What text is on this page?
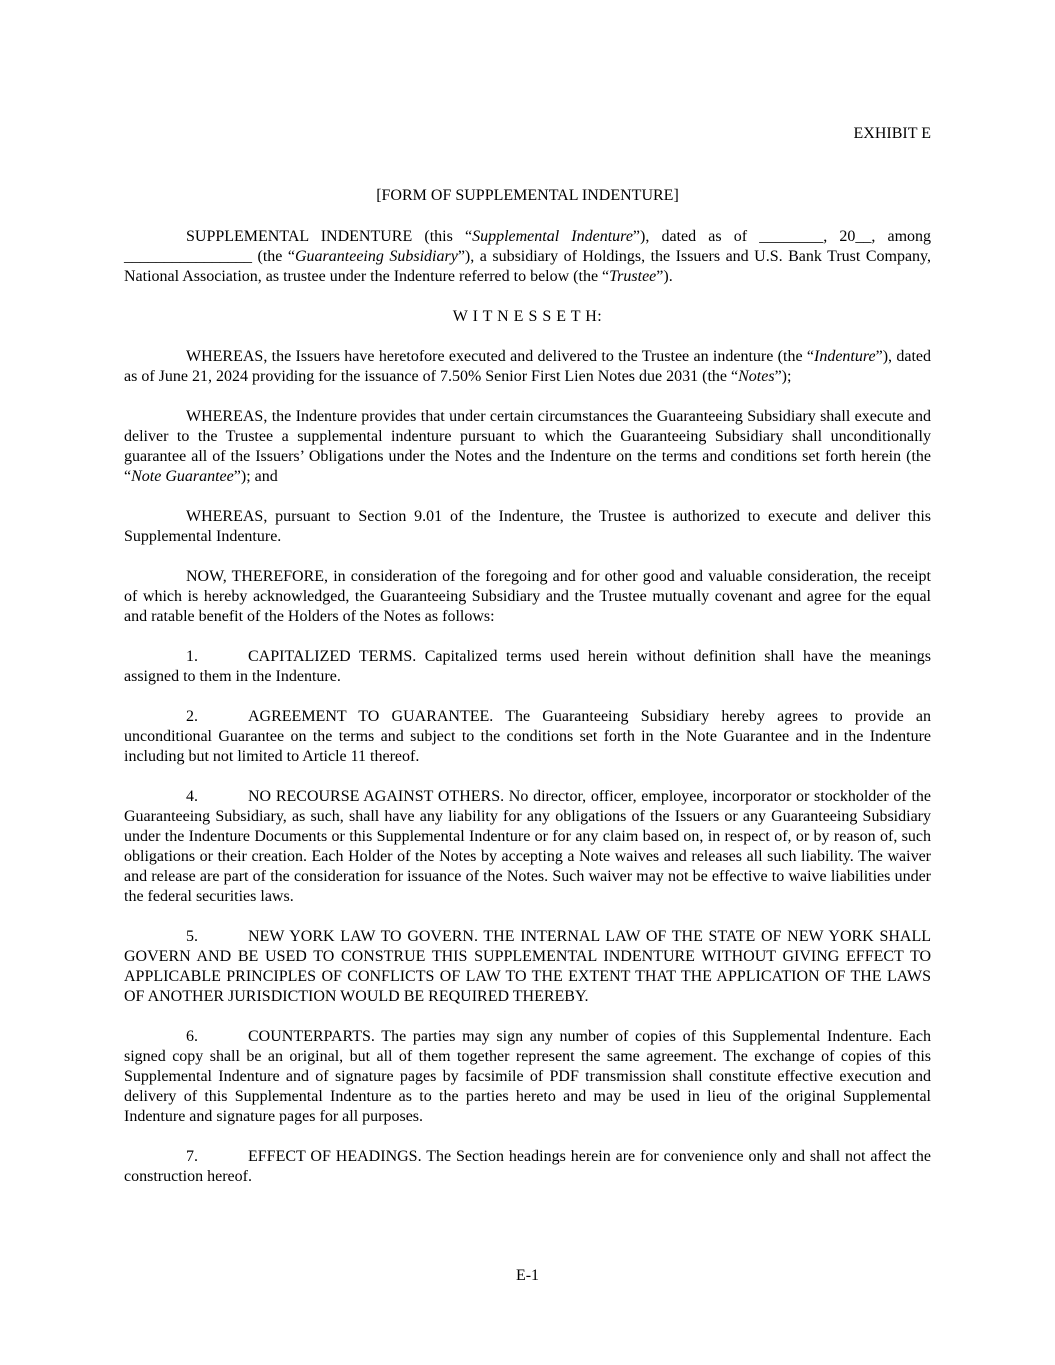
EXHIBIT E
[FORM OF SUPPLEMENTAL INDENTURE]

SUPPLEMENTAL INDENTURE (this “Supplemental Indenture”), dated as of ________, 20__, among ________________ (the “Guaranteeing Subsidiary”), a subsidiary of Holdings, the Issuers and U.S. Bank Trust Company, National Association, as trustee under the Indenture referred to below (the “Trustee”).

W I T N E S S E T H:

WHEREAS, the Issuers have heretofore executed and delivered to the Trustee an indenture (the “Indenture”), dated as of June 21, 2024 providing for the issuance of 7.50% Senior First Lien Notes due 2031 (the “Notes”);

WHEREAS, the Indenture provides that under certain circumstances the Guaranteeing Subsidiary shall execute and deliver to the Trustee a supplemental indenture pursuant to which the Guaranteeing Subsidiary shall unconditionally guarantee all of the Issuers’ Obligations under the Notes and the Indenture on the terms and conditions set forth herein (the “Note Guarantee”); and

WHEREAS, pursuant to Section 9.01 of the Indenture, the Trustee is authorized to execute and deliver this Supplemental Indenture.

NOW, THEREFORE, in consideration of the foregoing and for other good and valuable consideration, the receipt of which is hereby acknowledged, the Guaranteeing Subsidiary and the Trustee mutually covenant and agree for the equal and ratable benefit of the Holders of the Notes as follows:

1.	CAPITALIZED TERMS. Capitalized terms used herein without definition shall have the meanings assigned to them in the Indenture.

2.	AGREEMENT TO GUARANTEE. The Guaranteeing Subsidiary hereby agrees to provide an unconditional Guarantee on the terms and subject to the conditions set forth in the Note Guarantee and in the Indenture including but not limited to Article 11 thereof.

4.	NO RECOURSE AGAINST OTHERS. No director, officer, employee, incorporator or stockholder of the Guaranteeing Subsidiary, as such, shall have any liability for any obligations of the Issuers or any Guaranteeing Subsidiary under the Indenture Documents or this Supplemental Indenture or for any claim based on, in respect of, or by reason of, such obligations or their creation. Each Holder of the Notes by accepting a Note waives and releases all such liability. The waiver and release are part of the consideration for issuance of the Notes. Such waiver may not be effective to waive liabilities under the federal securities laws.

5.	NEW YORK LAW TO GOVERN. THE INTERNAL LAW OF THE STATE OF NEW YORK SHALL GOVERN AND BE USED TO CONSTRUE THIS SUPPLEMENTAL INDENTURE WITHOUT GIVING EFFECT TO APPLICABLE PRINCIPLES OF CONFLICTS OF LAW TO THE EXTENT THAT THE APPLICATION OF THE LAWS OF ANOTHER JURISDICTION WOULD BE REQUIRED THEREBY.

6.	COUNTERPARTS. The parties may sign any number of copies of this Supplemental Indenture. Each signed copy shall be an original, but all of them together represent the same agreement. The exchange of copies of this Supplemental Indenture and of signature pages by facsimile of PDF transmission shall constitute effective execution and delivery of this Supplemental Indenture as to the parties hereto and may be used in lieu of the original Supplemental Indenture and signature pages for all purposes.

7.	EFFECT OF HEADINGS. The Section headings herein are for convenience only and shall not affect the construction hereof.

E-1
